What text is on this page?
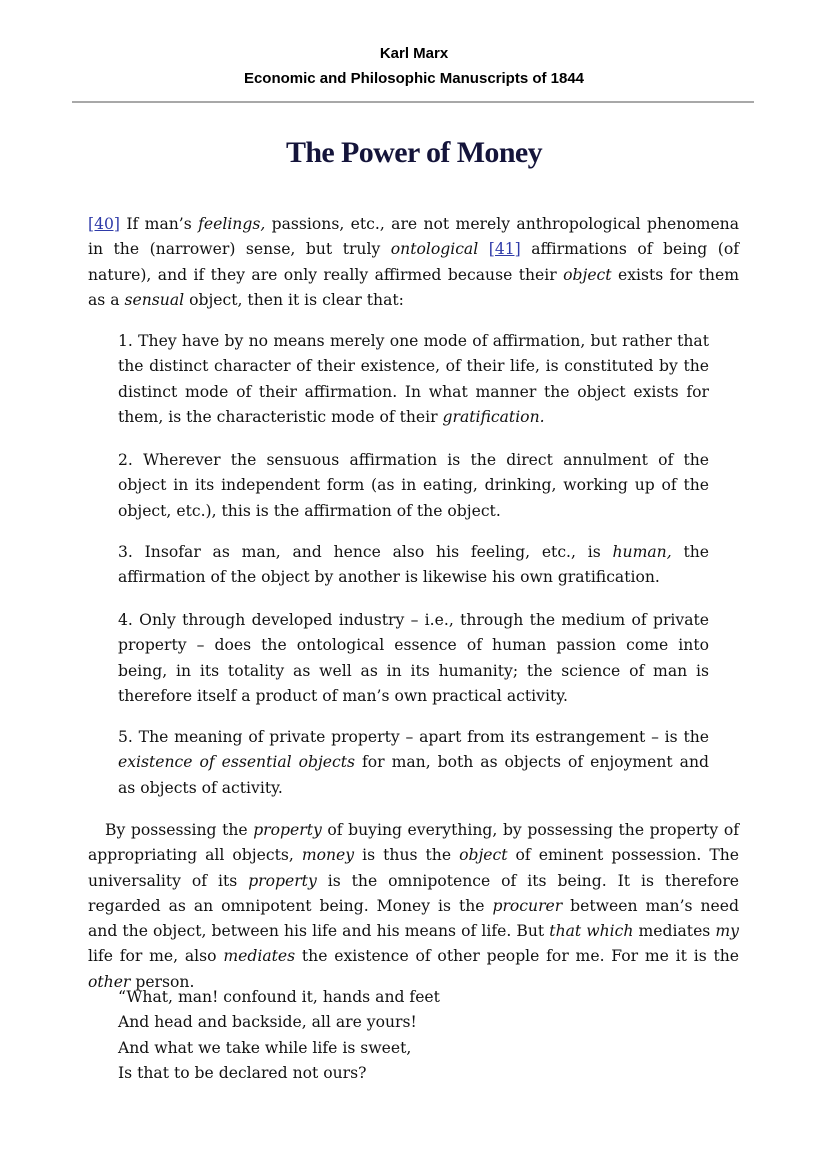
Karl Marx
Economic and Philosophic Manuscripts of 1844
The Power of Money

[40] If man’s feelings, passions, etc., are not merely anthropological phenomena in the (narrower) sense, but truly ontological [41] affirmations of being (of nature), and if they are only really affirmed because their object exists for them as a sensual object, then it is clear that:

1. They have by no means merely one mode of affirmation, but rather that the distinct character of their existence, of their life, is constituted by the distinct mode of their affirmation. In what manner the object exists for them, is the characteristic mode of their gratification.

2. Wherever the sensuous affirmation is the direct annulment of the object in its independent form (as in eating, drinking, working up of the object, etc.), this is the affirmation of the object.

3. Insofar as man, and hence also his feeling, etc., is human, the affirmation of the object by another is likewise his own gratification.

4. Only through developed industry – i.e., through the medium of private property – does the ontological essence of human passion come into being, in its totality as well as in its humanity; the science of man is therefore itself a product of man’s own practical activity.

5. The meaning of private property – apart from its estrangement – is the existence of essential objects for man, both as objects of enjoyment and as objects of activity.

By possessing the property of buying everything, by possessing the property of appropriating all objects, money is thus the object of eminent possession. The universality of its property is the omnipotence of its being. It is therefore regarded as an omnipotent being. Money is the procurer between man’s need and the object, between his life and his means of life. But that which mediates my life for me, also mediates the existence of other people for me. For me it is the other person.

“What, man! confound it, hands and feet
And head and backside, all are yours!
And what we take while life is sweet,
Is that to be declared not ours?
